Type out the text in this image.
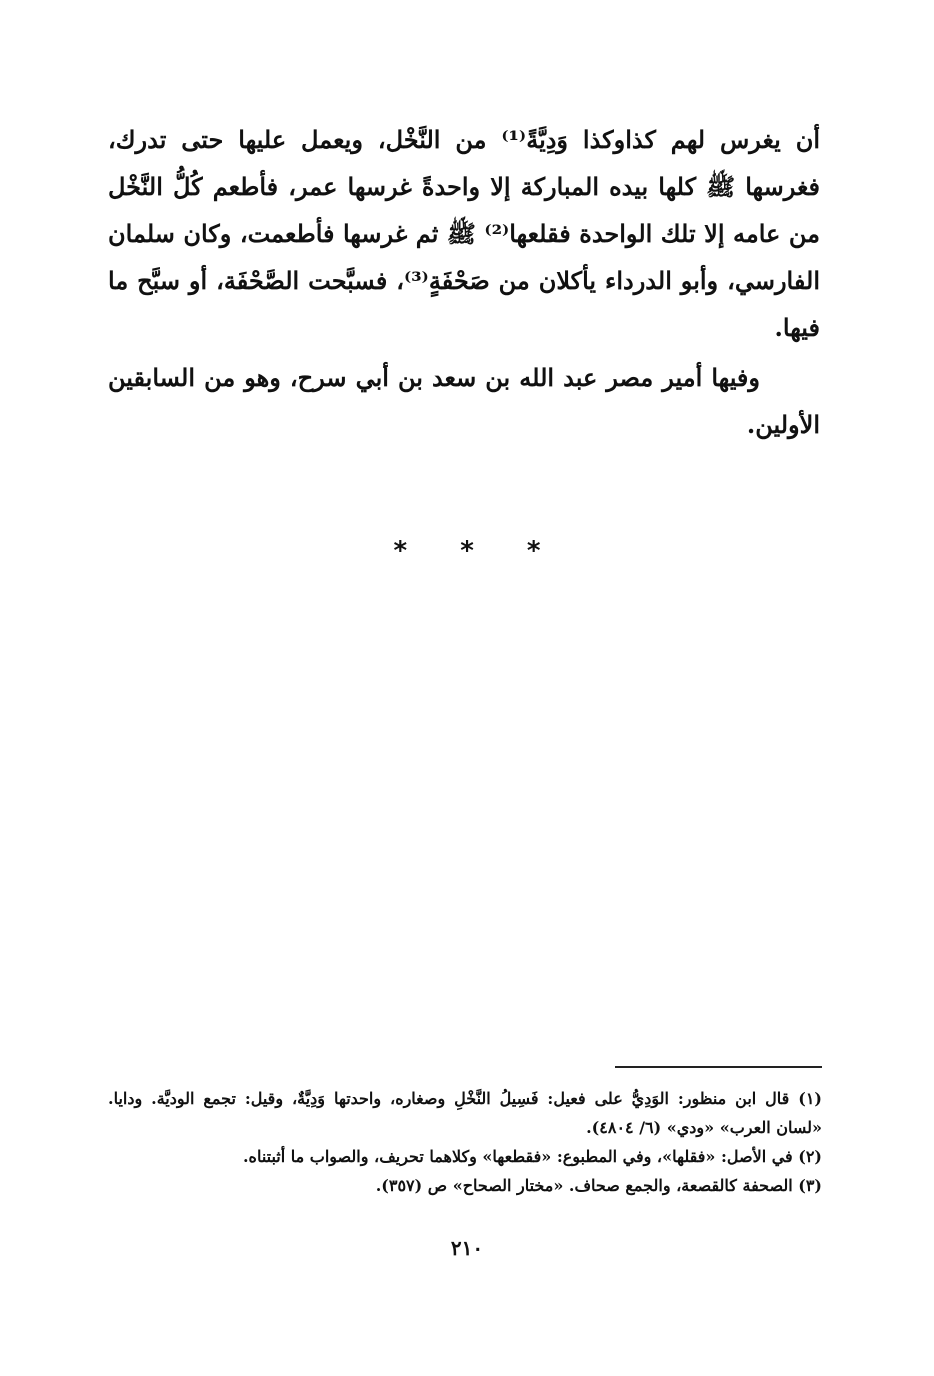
أن يغرس لهم كذاوكذا وَدِيَّةً⁽¹⁾ من النَّخْل، ويعمل عليها حتى تدرك، فغرسها ﷺ كلها بيده المباركة إلا واحدةً غرسها عمر، فأطعم كُلُّ النَّخْل من عامه إلا تلك الواحدة فقلعها⁽²⁾ ﷺ ثم غرسها فأطعمت، وكان سلمان الفارسي، وأبو الدرداء يأكلان من صَحْفَةٍ⁽³⁾، فسبَّحت الصَّحْفَة، أو سبَّح ما فيها.

وفيها أمير مصر عبد الله بن سعد بن أبي سرح، وهو من السابقين الأولين.

* * *

(١) قال ابن منظور: الوَدِيُّ على فعيل: فَسِيلُ النَّخْلِ وصغاره، واحدتها وَدِيَّةٌ، وقيل: تجمع الوديَّة. ودايا. «لسان العرب» «ودي» (٦/ ٤٨٠٤).

(٢) في الأصل: «فقلها»، وفي المطبوع: «فقطعها» وكلاهما تحريف، والصواب ما أثبتناه.

(٣) الصحفة كالقصعة، والجمع صحاف. «مختار الصحاح» ص (٣٥٧).

٢١٠
